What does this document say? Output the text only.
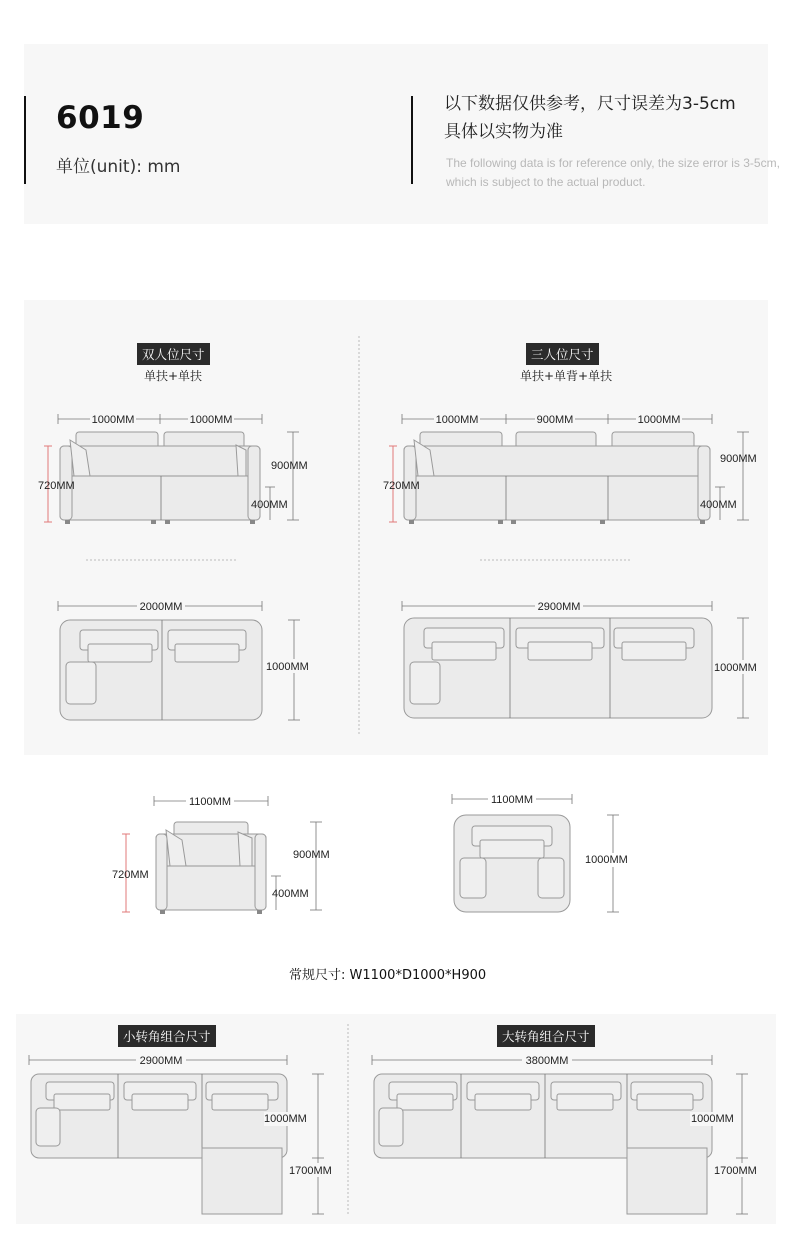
6019
单位(unit): mm
以下数据仅供参考，尺寸误差为3-5cm
具体以实物为准
The following data is for reference only, the size error is 3-5cm, which is subject to the actual product.
双人位尺寸
单扶+单扶
三人位尺寸
单扶+单背+单扶
常规尺寸: W1100*D1000*H900
小转角组合尺寸	大转角组合尺寸
1000MM	1000MM
900MM
400MM
720MM
2000MM
1000MM
1000MM	900MM	1000MM
900MM
400MM
720MM
2900MM
1000MM
1100MM
900MM
400MM
720MM
1100MM
1000MM
2900MM
1000MM
1700MM
3800MM
1000MM
1700MM
